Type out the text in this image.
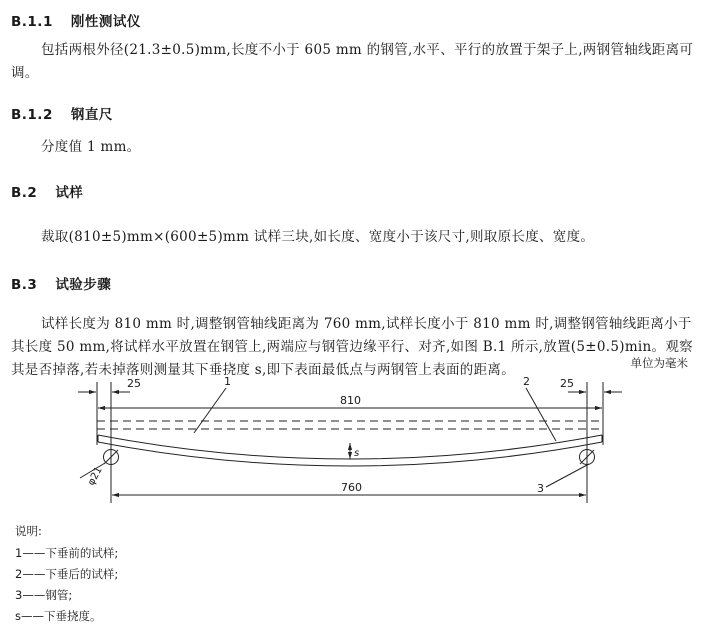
B.1.1 刚性测试仪
包括两根外径(21.3±0.5)mm,长度不小于 605 mm 的钢管,水平、平行的放置于架子上,两钢管轴线距离可调。
B.1.2 钢直尺
分度值 1 mm。
B.2 试样
裁取(810±5)mm×(600±5)mm 试样三块,如长度、宽度小于该尺寸,则取原长度、宽度。
B.3 试验步骤
试样长度为 810 mm 时,调整钢管轴线距离为 760 mm,试样长度小于 810 mm 时,调整钢管轴线距离小于其长度 50 mm,将试样水平放置在钢管上,两端应与钢管边缘平行、对齐,如图 B.1 所示,放置(5±0.5)min。观察其是否掉落,若未掉落则测量其下垂挠度 s,即下表面最低点与两钢管上表面的距离。	单位为毫米
25	25
810
760
s
1	2
3
φ21
说明:
1——下垂前的试样;
2——下垂后的试样;
3——钢管;
s——下垂挠度。
